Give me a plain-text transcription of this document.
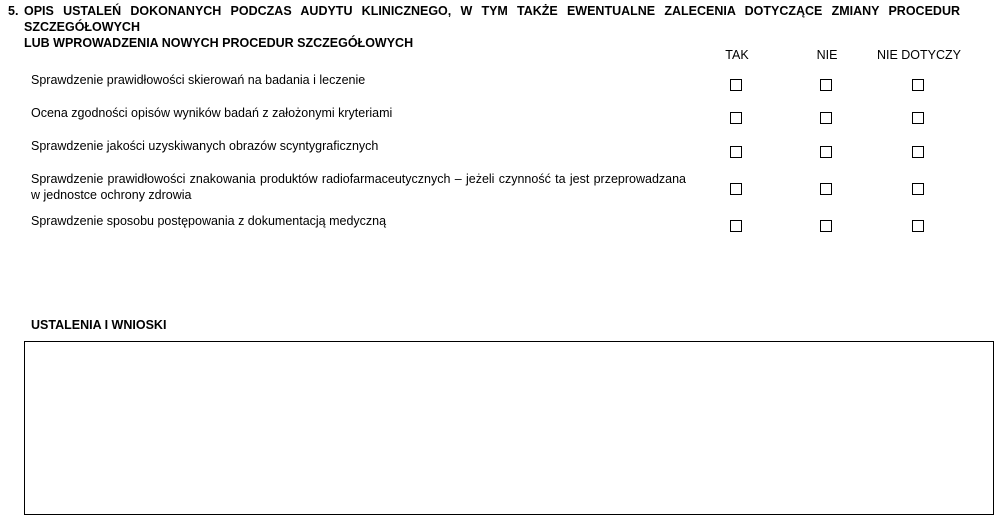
5. OPIS USTALEŃ DOKONANYCH PODCZAS AUDYTU KLINICZNEGO, W TYM TAKŻE EWENTUALNE ZALECENIA DOTYCZĄCE ZMIANY PROCEDUR SZCZEGÓŁOWYCH
LUB WPROWADZENIA NOWYCH PROCEDUR SZCZEGÓŁOWYCH
TAK	NIE	NIE DOTYCZY
Sprawdzenie prawidłowości skierowań na badania i leczenie
Ocena zgodności opisów wyników badań z założonymi kryteriami
Sprawdzenie jakości uzyskiwanych obrazów scyntygraficznych
Sprawdzenie prawidłowości znakowania produktów radiofarmaceutycznych – jeżeli czynność ta jest przeprowadzana w jednostce ochrony zdrowia
Sprawdzenie sposobu postępowania z dokumentacją medyczną
USTALENIA I WNIOSKI
